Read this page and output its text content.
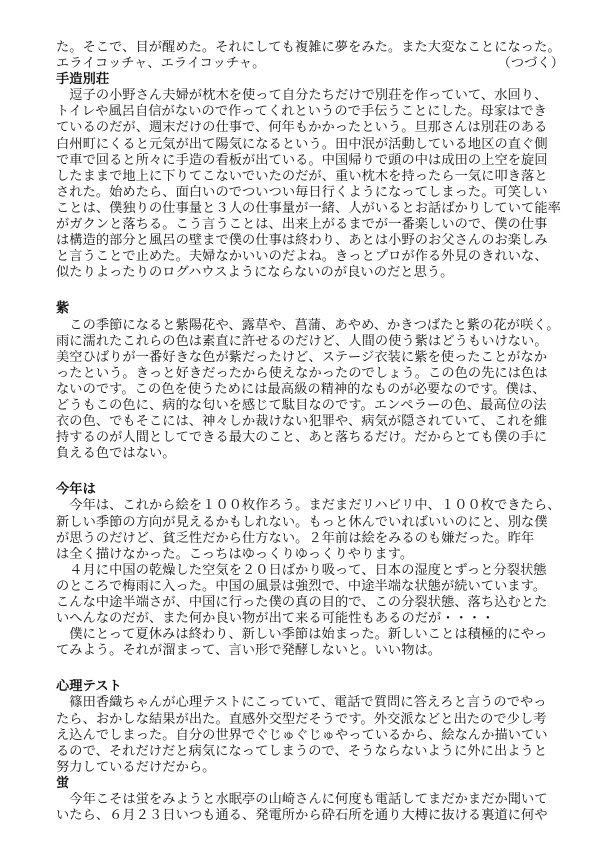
た。そこで、目が醒めた。それにしても複雑に夢をみた。また大変なことになった。
エライコッチャ、エライコッチャ。	（つづく）
手造別荘
　逗子の小野さん夫婦が枕木を使って自分たちだけで別荘を作っていて、水回り、
トイレや風呂自信がないので作ってくれというので手伝うことにした。母家はでき
ているのだが、週末だけの仕事で、何年もかかったという。旦那さんは別荘のある
白州町にくると元気が出て陽気になるという。田中泯が活動している地区の直ぐ側
で車で回ると所々に手造の看板が出ている。中国帰りで頭の中は成田の上空を旋回
したままで地上に下りてこないでいたのだが、重い枕木を持ったら一気に叩き落と
された。始めたら、面白いのでついつい毎日行くようになってしまった。可笑しい
ことは、僕独りの仕事量と３人の仕事量が一緒、人がいるとお話ばかりしていて能率
がガクンと落ちる。こう言うことは、出来上がるまでが一番楽しいので、僕の仕事
は構造的部分と風呂の壁まで僕の仕事は終わり、あとは小野のお父さんのお楽しみ
と言うことで止めた。夫婦なかいいのだよね。きっとプロが作る外見のきれいな、
似たりよったりのログハウスようにならないのが良いのだと思う。
紫
　この季節になると紫陽花や、露草や、菖蒲、あやめ、かきつばたと紫の花が咲く。
雨に濡れたこれらの色は素直に許せるのだけど、人間の使う紫はどうもいけない。
美空ひばりが一番好きな色が紫だったけど、ステージ衣装に紫を使ったことがなか
ったという。きっと好きだったから使えなかったのでしょう。この色の先には色は
ないのです。この色を使うためには最高級の精神的なものが必要なのです。僕は、
どうもこの色に、病的な匂いを感じて駄目なのです。エンペラーの色、最高位の法
衣の色、でもそこには、神々しか裁けない犯罪や、病気が隠されていて、これを維
持するのが人間としてできる最大のこと、あと落ちるだけ。だからとても僕の手に
負える色ではない。
今年は
　今年は、これから絵を１００枚作ろう。まだまだリハビリ中、１００枚できたら、
新しい季節の方向が見えるかもしれない。もっと休んでいればいいのにと、別な僕
が思うのだけど、貧乏性だから仕方ない。２年前は絵をみるのも嫌だった。昨年
は全く描けなかった。こっちはゆっくりゆっくりやります。
　４月に中国の乾燥した空気を２０日ばかり吸って、日本の湿度とずっと分裂状態
のところで梅雨に入った。中国の風景は強烈で、中途半端な状態が続いています。
こんな中途半端さが、中国に行った僕の真の目的で、この分裂状態、落ち込むとた
いへんなのだが、また何か良い物が出て来る可能性もあるのだが・・・・
　僕にとって夏休みは終わり、新しい季節は始まった。新しいことは積極的にやっ
てみよう。それが溜まって、言い形で発酵しないと。いい物は。
心理テスト
　篠田香織ちゃんが心理テストにこっていて、電話で質問に答えろと言うのでやっ
たら、おかしな結果が出た。直感外交型だそうです。外交派などと出たので少し考
え込んでしまった。自分の世界でぐじゅぐじゅやっているから、絵なんか描いてい
るので、それだけだと病気になってしまうので、そうならないように外に出ようと
努力しているだけだから。
蛍
　今年こそは蛍をみようと水眠亭の山崎さんに何度も電話してまだかまだか聞いて
いたら、６月２３日いつも通る、発電所から砕石所を通り大榑に抜ける裏道に何や
